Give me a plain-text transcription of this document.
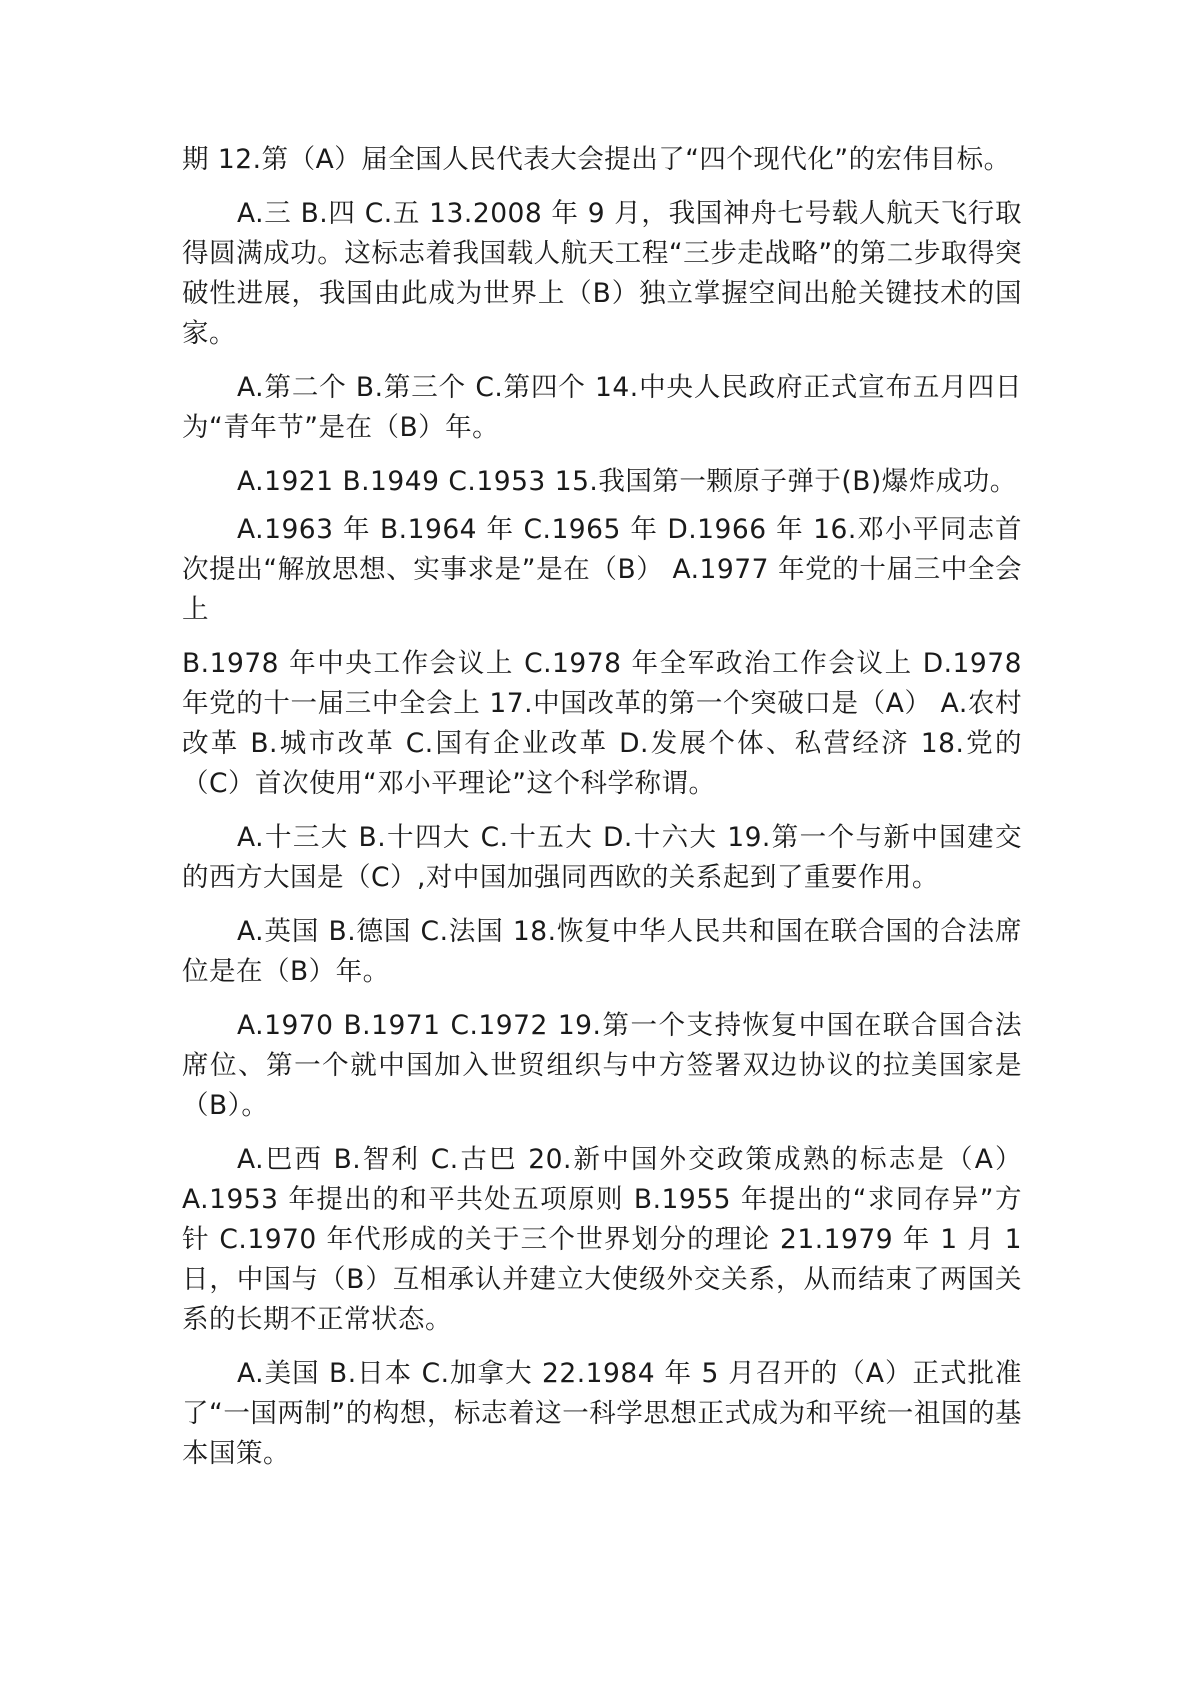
期 12.第（A）届全国人民代表大会提出了“四个现代化”的宏伟目标。

A.三 B.四 C.五 13.2008 年 9 月，我国神舟七号载人航天飞行取得圆满成功。这标志着我国载人航天工程“三步走战略”的第二步取得突破性进展，我国由此成为世界上（B）独立掌握空间出舱关键技术的国家。

A.第二个 B.第三个 C.第四个 14.中央人民政府正式宣布五月四日为“青年节”是在（B）年。

A.1921 B.1949 C.1953 15.我国第一颗原子弹于(B)爆炸成功。

A.1963 年 B.1964 年 C.1965 年 D.1966 年 16.邓小平同志首次提出“解放思想、实事求是”是在（B） A.1977 年党的十届三中全会上

B.1978 年中央工作会议上 C.1978 年全军政治工作会议上 D.1978 年党的十一届三中全会上 17.中国改革的第一个突破口是（A） A.农村改革 B.城市改革 C.国有企业改革 D.发展个体、私营经济 18.党的（C）首次使用“邓小平理论”这个科学称谓。

A.十三大 B.十四大 C.十五大 D.十六大 19.第一个与新中国建交的西方大国是（C）,对中国加强同西欧的关系起到了重要作用。

A.英国 B.德国 C.法国 18.恢复中华人民共和国在联合国的合法席位是在（B）年。

A.1970 B.1971 C.1972 19.第一个支持恢复中国在联合国合法席位、第一个就中国加入世贸组织与中方签署双边协议的拉美国家是（B）。

A.巴西 B.智利 C.古巴 20.新中国外交政策成熟的标志是（A） A.1953 年提出的和平共处五项原则 B.1955 年提出的“求同存异”方针 C.1970 年代形成的关于三个世界划分的理论 21.1979 年 1 月 1 日，中国与（B）互相承认并建立大使级外交关系，从而结束了两国关系的长期不正常状态。

A.美国 B.日本 C.加拿大 22.1984 年 5 月召开的（A）正式批准了“一国两制”的构想，标志着这一科学思想正式成为和平统一祖国的基本国策。
